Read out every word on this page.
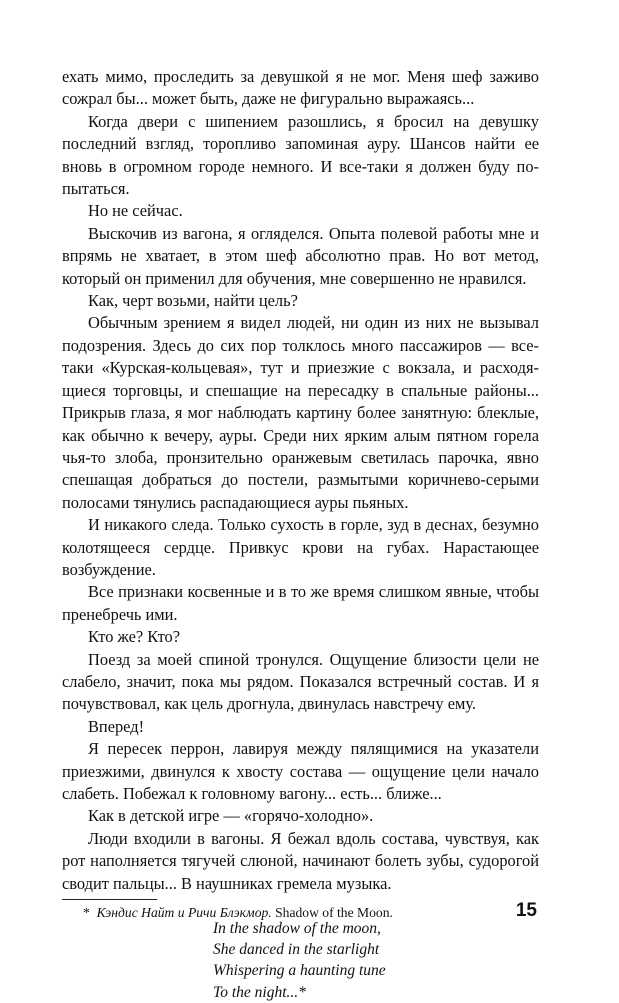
ехать мимо, проследить за девушкой я не мог. Меня шеф заживо сожрал бы... может быть, даже не фигурально выражаясь...

Когда двери с шипением разошлись, я бросил на девушку последний взгляд, торопливо запоминая ауру. Шансов найти ее вновь в огромном городе немного. И все-таки я должен буду попытаться.

Но не сейчас.

Выскочив из вагона, я огляделся. Опыта полевой работы мне и впрямь не хватает, в этом шеф абсолютно прав. Но вот метод, который он применил для обучения, мне совершенно не нравился.

Как, черт возьми, найти цель?

Обычным зрением я видел людей, ни один из них не вызывал подозрения. Здесь до сих пор толклось много пассажиров — всетаки «Курская-кольцевая», тут и приезжие с вокзала, и расходящиеся торговцы, и спешащие на пересадку в спальные районы... Прикрыв глаза, я мог наблюдать картину более занятную: блеклые, как обычно к вечеру, ауры. Среди них ярким алым пятном горела чья-то злоба, пронзительно оранжевым светилась парочка, явно спешащая добраться до постели, размытыми коричнево-серыми полосами тянулись распадающиеся ауры пьяных.

И никакого следа. Только сухость в горле, зуд в деснах, безумно колотящееся сердце. Привкус крови на губах. Нарастающее возбуждение.

Все признаки косвенные и в то же время слишком явные, чтобы пренебречь ими.

Кто же? Кто?

Поезд за моей спиной тронулся. Ощущение близости цели не слабело, значит, пока мы рядом. Показался встречный состав. И я почувствовал, как цель дрогнула, двинулась навстречу ему.

Вперед!

Я пересек перрон, лавируя между пялящимися на указатели приезжими, двинулся к хвосту состава — ощущение цели начало слабеть. Побежал к головному вагону... есть... ближе...

Как в детской игре — «горячо-холодно».

Люди входили в вагоны. Я бежал вдоль состава, чувствуя, как рот наполняется тягучей слюной, начинают болеть зубы, судорогой сводит пальцы... В наушниках гремела музыка.

In the shadow of the moon,
She danced in the starlight
Whispering a haunting tune
To the night...*
* Кэндис Найт и Ричи Блэкмор. Shadow of the Moon.	15
